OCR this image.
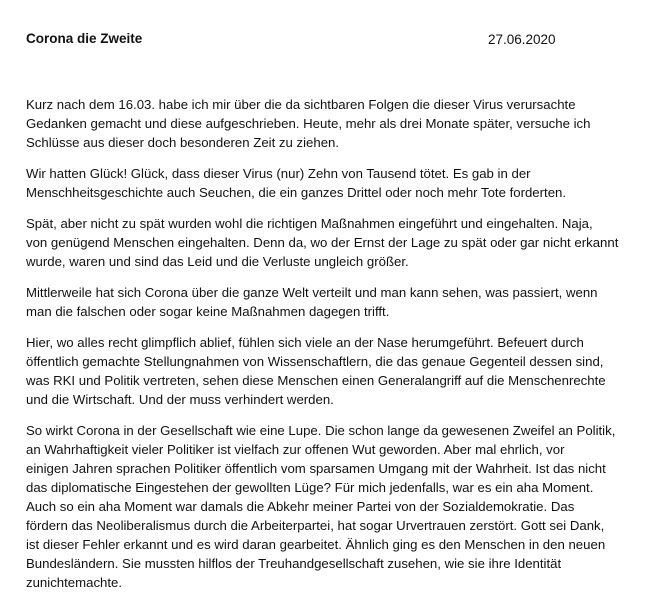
Corona die Zweite	27.06.2020

Kurz nach dem 16.03. habe ich mir über die da sichtbaren Folgen die dieser Virus verursachte
Gedanken gemacht und diese aufgeschrieben. Heute, mehr als drei Monate später, versuche ich
Schlüsse aus dieser doch besonderen Zeit zu ziehen.

Wir hatten Glück! Glück, dass dieser Virus (nur) Zehn von Tausend tötet. Es gab in der
Menschheitsgeschichte auch Seuchen, die ein ganzes Drittel oder noch mehr Tote forderten.

Spät, aber nicht zu spät wurden wohl die richtigen Maßnahmen eingeführt und eingehalten. Naja,
von genügend Menschen eingehalten. Denn da, wo der Ernst der Lage zu spät oder gar nicht erkannt
wurde, waren und sind das Leid und die Verluste ungleich größer.

Mittlerweile hat sich Corona über die ganze Welt verteilt und man kann sehen, was passiert, wenn
man die falschen oder sogar keine Maßnahmen dagegen trifft.

Hier, wo alles recht glimpflich ablief, fühlen sich viele an der Nase herumgeführt. Befeuert durch
öffentlich gemachte Stellungnahmen von Wissenschaftlern, die das genaue Gegenteil dessen sind,
was RKI und Politik vertreten, sehen diese Menschen einen Generalangriff auf die Menschenrechte
und die Wirtschaft. Und der muss verhindert werden.

So wirkt Corona in der Gesellschaft wie eine Lupe. Die schon lange da gewesenen Zweifel an Politik,
an Wahrhaftigkeit vieler Politiker ist vielfach zur offenen Wut geworden. Aber mal ehrlich, vor
einigen Jahren sprachen Politiker öffentlich vom sparsamen Umgang mit der Wahrheit. Ist das nicht
das diplomatische Eingestehen der gewollten Lüge? Für mich jedenfalls, war es ein aha Moment.
Auch so ein aha Moment war damals die Abkehr meiner Partei von der Sozialdemokratie. Das
fördern das Neoliberalismus durch die Arbeiterpartei, hat sogar Urvertrauen zerstört. Gott sei Dank,
ist dieser Fehler erkannt und es wird daran gearbeitet. Ähnlich ging es den Menschen in den neuen
Bundesländern. Sie mussten hilflos der Treuhandgesellschaft zusehen, wie sie ihre Identität
zunichtemachte.
